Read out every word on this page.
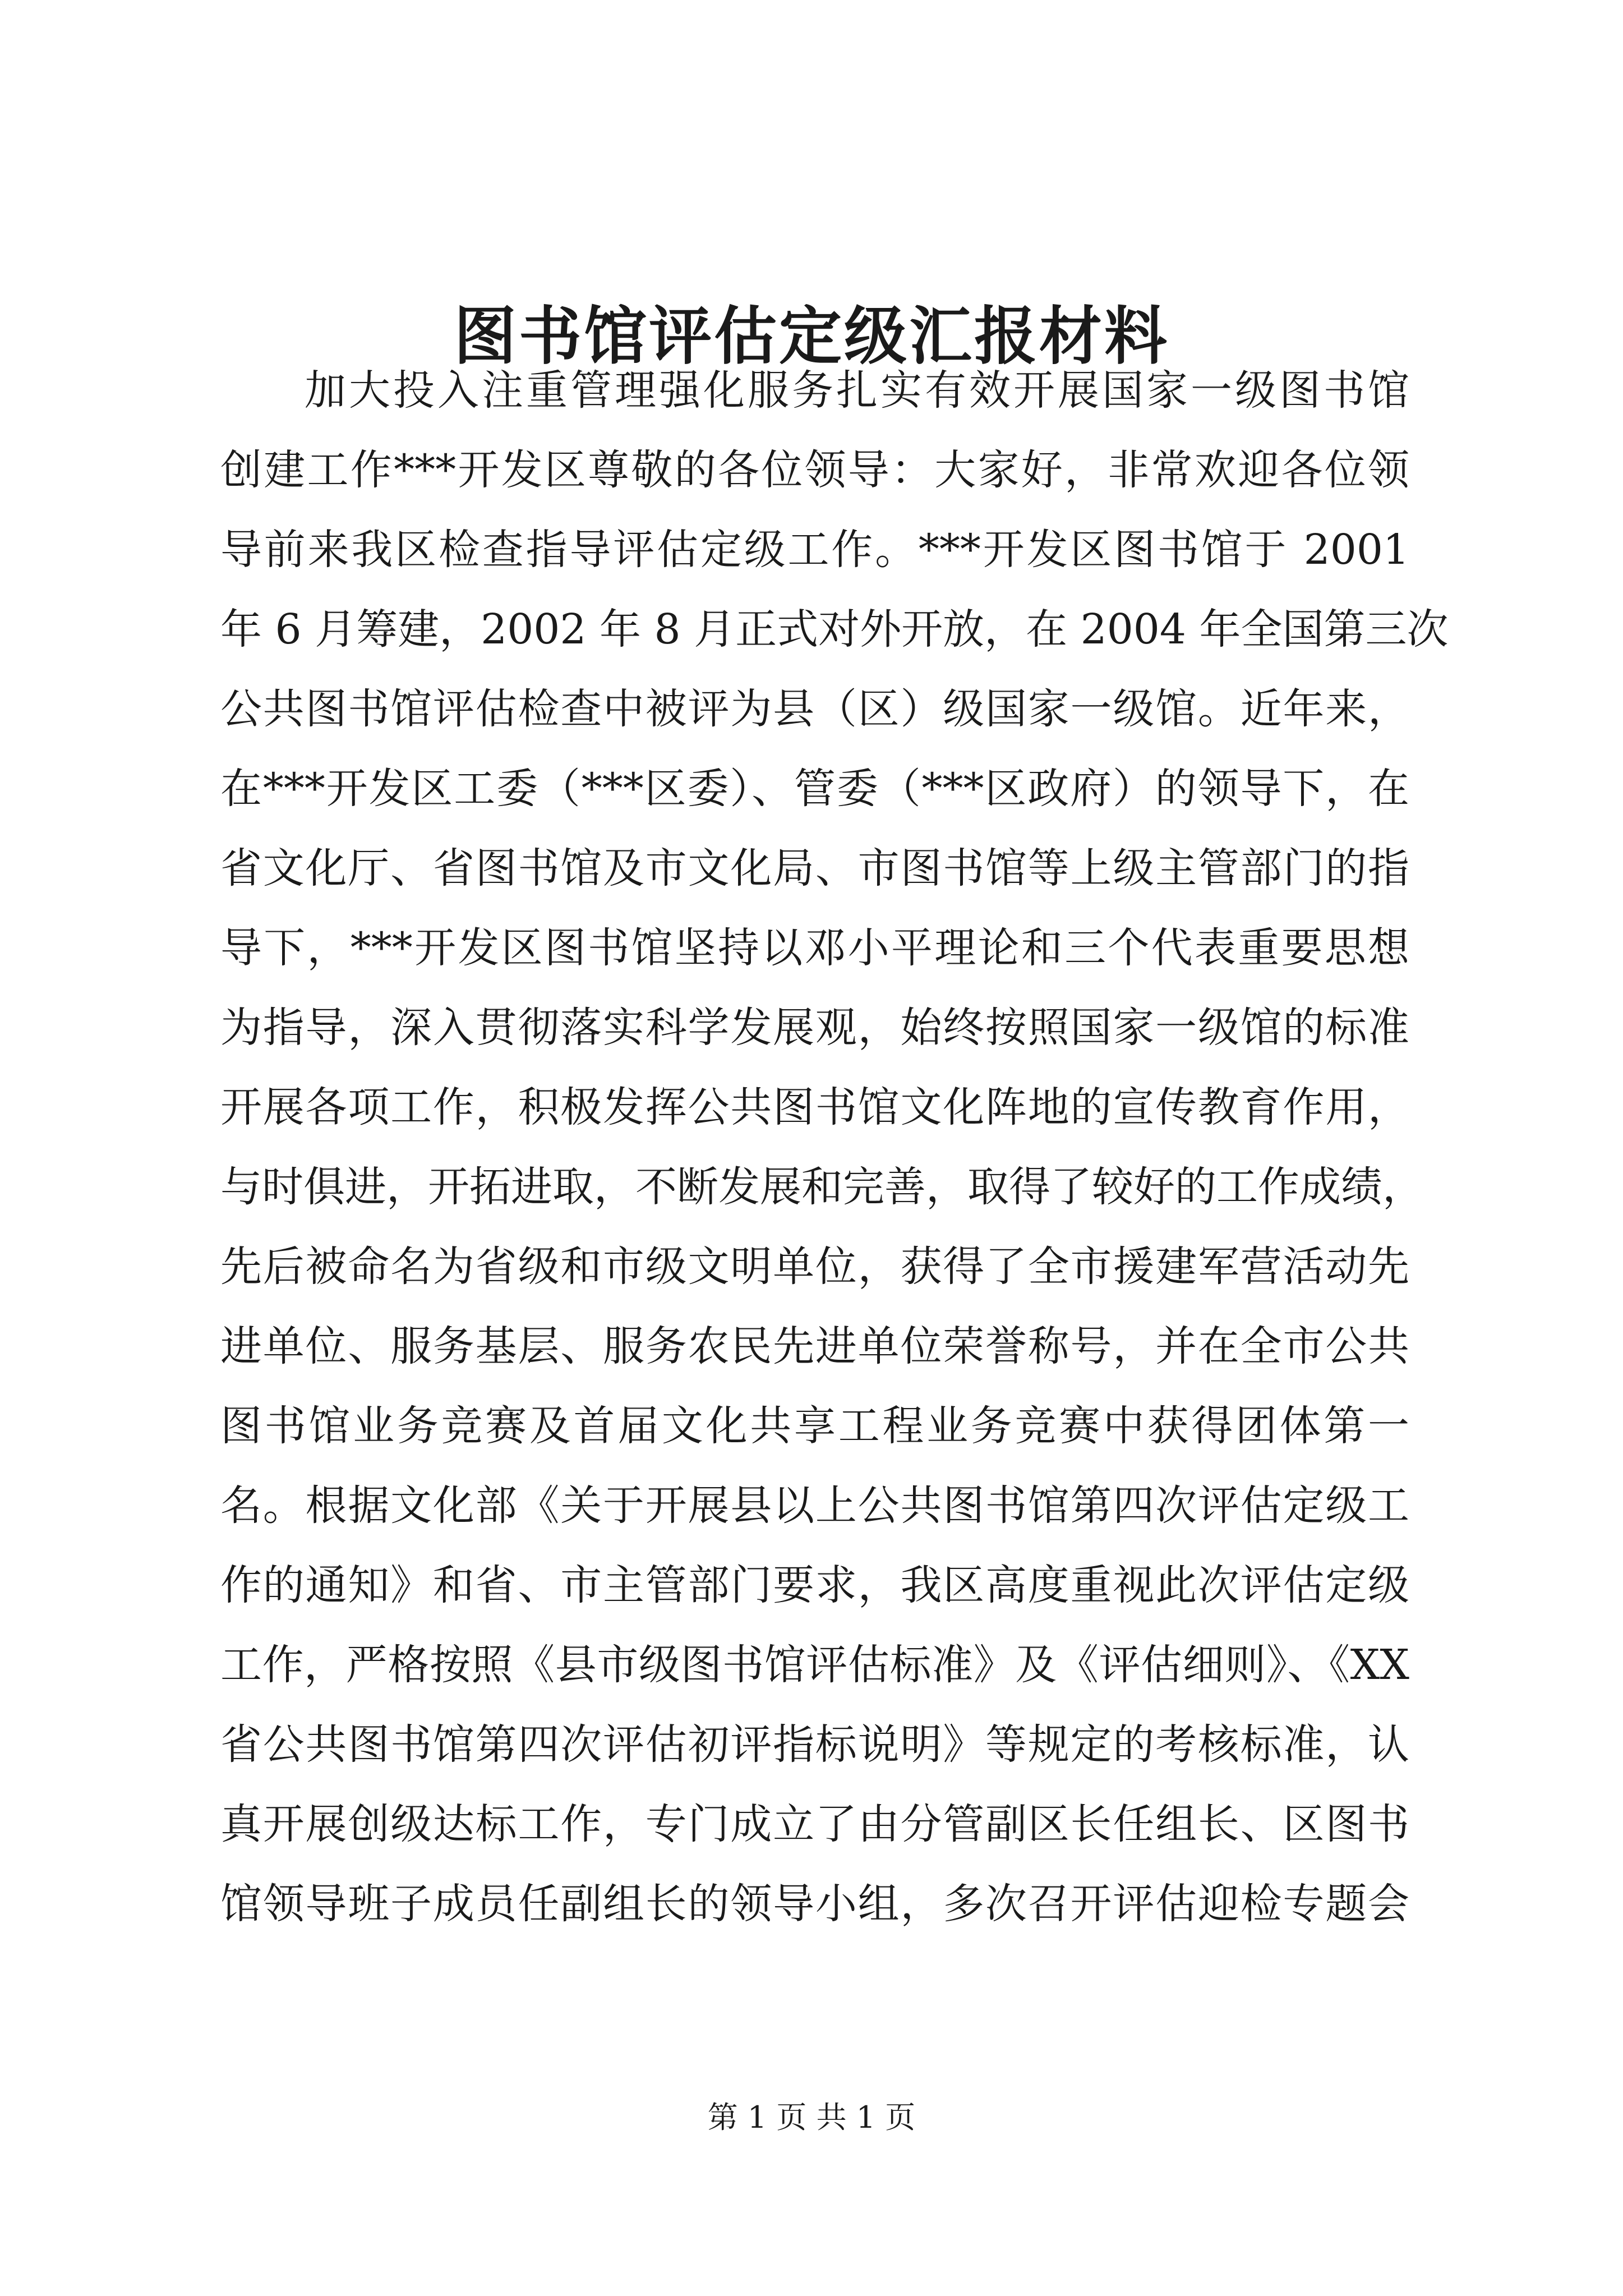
图书馆评估定级汇报材料
加大投入注重管理强化服务扎实有效开展国家一级图书馆
创建工作***开发区尊敬的各位领导：大家好，非常欢迎各位领
导前来我区检查指导评估定级工作。***开发区图书馆于 2001
年 6 月筹建，2002 年 8 月正式对外开放，在 2004 年全国第三次
公共图书馆评估检查中被评为县（区）级国家一级馆。近年来，
在***开发区工委（***区委）、管委（***区政府）的领导下，在
省文化厅、省图书馆及市文化局、市图书馆等上级主管部门的指
导下，***开发区图书馆坚持以邓小平理论和三个代表重要思想
为指导，深入贯彻落实科学发展观，始终按照国家一级馆的标准
开展各项工作，积极发挥公共图书馆文化阵地的宣传教育作用，
与时俱进，开拓进取，不断发展和完善，取得了较好的工作成绩，
先后被命名为省级和市级文明单位，获得了全市援建军营活动先
进单位、服务基层、服务农民先进单位荣誉称号，并在全市公共
图书馆业务竞赛及首届文化共享工程业务竞赛中获得团体第一
名。根据文化部《关于开展县以上公共图书馆第四次评估定级工
作的通知》和省、市主管部门要求，我区高度重视此次评估定级
工作，严格按照《县市级图书馆评估标准》及《评估细则》、《XX
省公共图书馆第四次评估初评指标说明》等规定的考核标准，认
真开展创级达标工作，专门成立了由分管副区长任组长、区图书
馆领导班子成员任副组长的领导小组，多次召开评估迎检专题会
第 1 页 共 1 页
